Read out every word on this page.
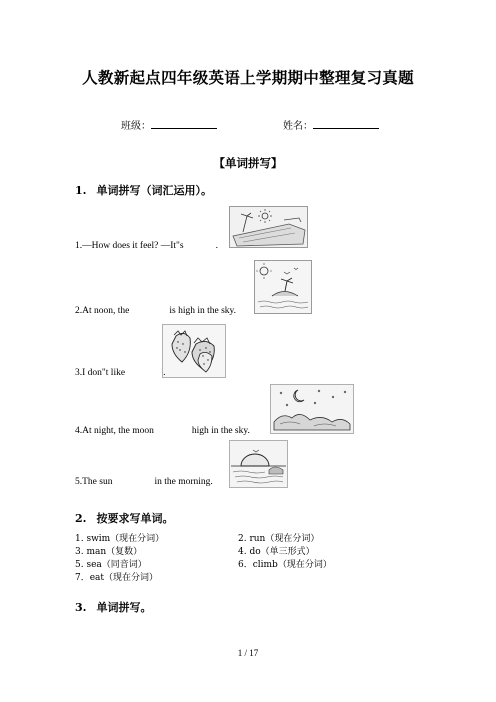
人教新起点四年级英语上学期期中整理复习真题
班级：	姓名：
【单词拼写】
1. 单词拼写（词汇运用）。
1.—How does it feel? —It"s	.
2.At noon, the	is high in the sky.
3.I don"t like	.
4.At night, the moon	high in the sky.
5.The sun	in the morning.
2. 按要求写单词。
1. swim（现在分词）	2. run（现在分词）
3. man（复数）	4. do（单三形式）
5. sea（同音词）	6．climb（现在分词）
7．eat（现在分词）
3. 单词拼写。
1 / 17
